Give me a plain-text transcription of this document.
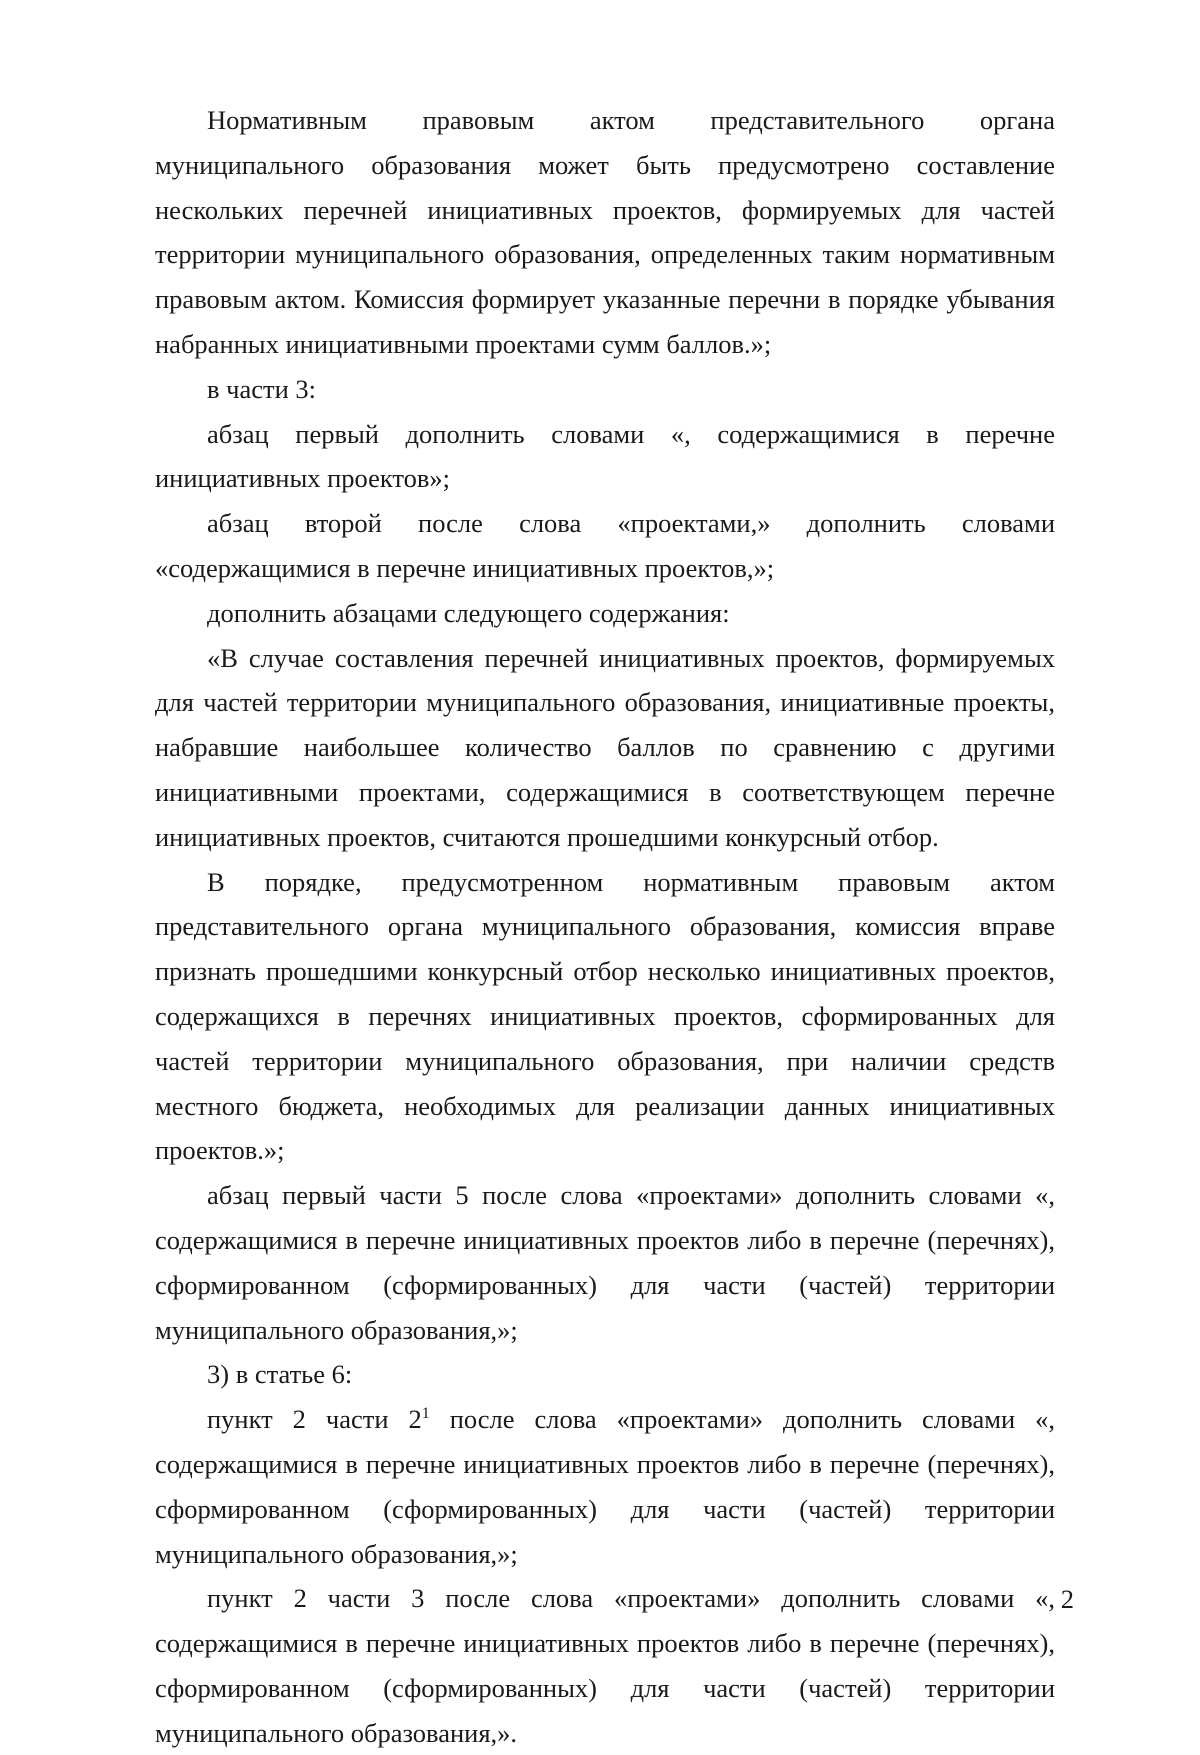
Нормативным правовым актом представительного органа муниципального образования может быть предусмотрено составление нескольких перечней инициативных проектов, формируемых для частей территории муниципального образования, определенных таким нормативным правовым актом. Комиссия формирует указанные перечни в порядке убывания набранных инициативными проектами сумм баллов.»;

в части 3:

абзац первый дополнить словами «, содержащимися в перечне инициативных проектов»;

абзац второй после слова «проектами,» дополнить словами «содержащимися в перечне инициативных проектов,»;

дополнить абзацами следующего содержания:

«В случае составления перечней инициативных проектов, формируемых для частей территории муниципального образования, инициативные проекты, набравшие наибольшее количество баллов по сравнению с другими инициативными проектами, содержащимися в соответствующем перечне инициативных проектов, считаются прошедшими конкурсный отбор.

В порядке, предусмотренном нормативным правовым актом представительного органа муниципального образования, комиссия вправе признать прошедшими конкурсный отбор несколько инициативных проектов, содержащихся в перечнях инициативных проектов, сформированных для частей территории муниципального образования, при наличии средств местного бюджета, необходимых для реализации данных инициативных проектов.»;

абзац первый части 5 после слова «проектами» дополнить словами «, содержащимися в перечне инициативных проектов либо в перечне (перечнях), сформированном (сформированных) для части (частей) территории муниципального образования,»;

3) в статье 6:

пункт 2 части $2^1$ после слова «проектами» дополнить словами «, содержащимися в перечне инициативных проектов либо в перечне (перечнях), сформированном (сформированных) для части (частей) территории муниципального образования,»;

пункт 2 части 3 после слова «проектами» дополнить словами «, содержащимися в перечне инициативных проектов либо в перечне (перечнях), сформированном (сформированных) для части (частей) территории муниципального образования,».

2
